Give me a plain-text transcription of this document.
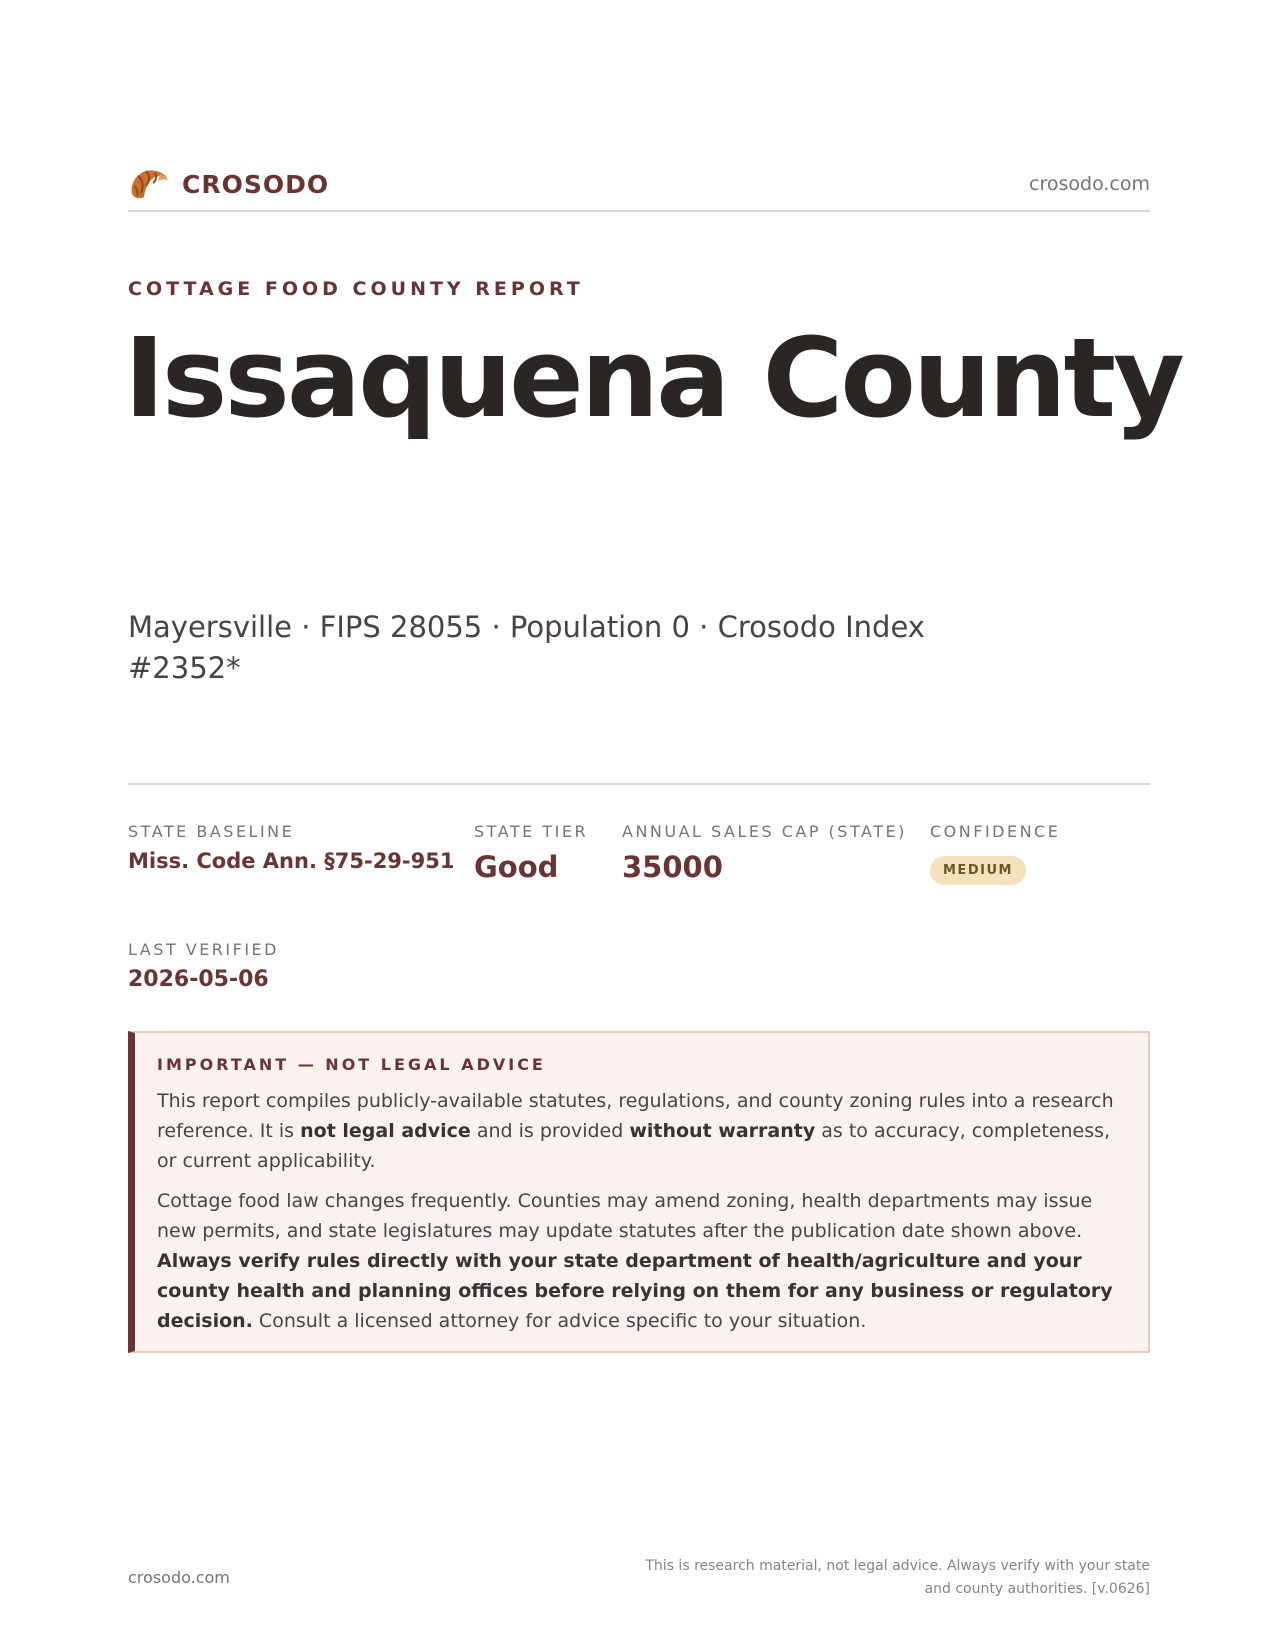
CROSODO	crosodo.com
COTTAGE FOOD COUNTY REPORT
Issaquena County
Mayersville · FIPS 28055 · Population 0 · Crosodo Index #2352*
STATE BASELINE
Miss. Code Ann. §75-29-951
STATE TIER
Good
ANNUAL SALES CAP (STATE)
35000
CONFIDENCE
MEDIUM
LAST VERIFIED
2026-05-06
IMPORTANT — NOT LEGAL ADVICE

This report compiles publicly-available statutes, regulations, and county zoning rules into a research reference. It is not legal advice and is provided without warranty as to accuracy, completeness, or current applicability.

Cottage food law changes frequently. Counties may amend zoning, health departments may issue new permits, and state legislatures may update statutes after the publication date shown above. Always verify rules directly with your state department of health/agriculture and your county health and planning offices before relying on them for any business or regulatory decision. Consult a licensed attorney for advice specific to your situation.

crosodo.com
This is research material, not legal advice. Always verify with your state and county authorities. [v.0626]
